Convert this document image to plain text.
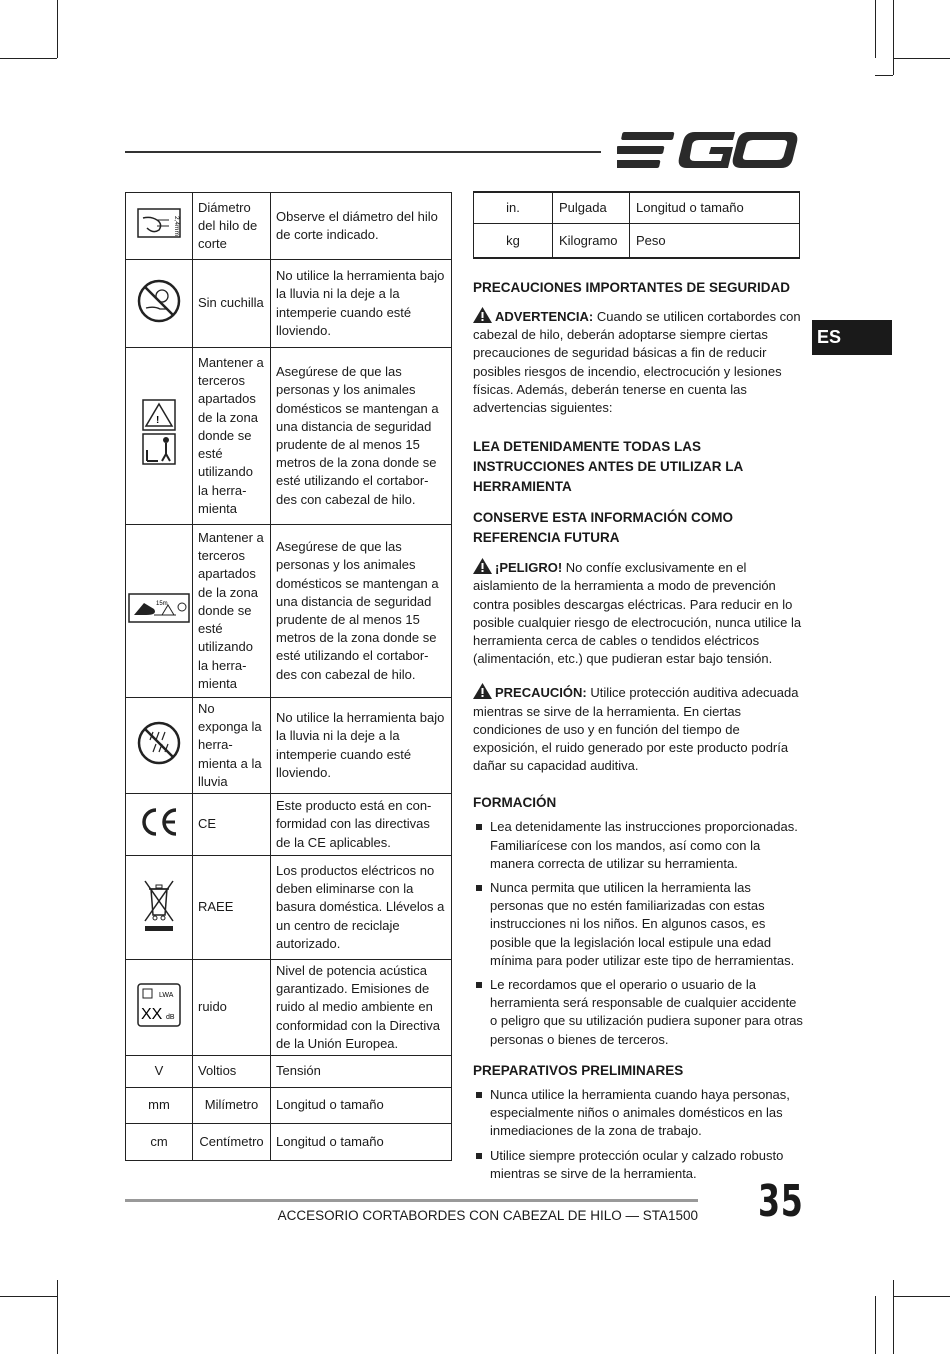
2,4mm	Diámetro del hilo de corte	Observe el diámetro del hilo de corte indicado.
	Sin cuchilla	No utilice la herramienta bajo la lluvia ni la deje a la intemperie cuando esté lloviendo.

!	Mantener a terceros apartados de la zona donde se esté utilizando la herra- mienta	Asegúrese de que las personas y los animales domésticos se mantengan a una distancia de seguridad prudente de al menos 15 metros de la zona donde se esté utilizando el cortabor- des con cabezal de hilo.

15m	Mantener a terceros apartados de la zona donde se esté utilizando la herra- mienta	Asegúrese de que las personas y los animales domésticos se mantengan a una distancia de seguridad prudente de al menos 15 metros de la zona donde se esté utilizando el cortabor- des con cabezal de hilo.
	No exponga la herra- mienta a la lluvia	No utilice la herramienta bajo la lluvia ni la deje a la intemperie cuando esté lloviendo.
	CE	Este producto está en con- formidad con las directivas de la CE aplicables.
	RAEE	Los productos eléctricos no deben eliminarse con la basura doméstica. Llévelos a un centro de reciclaje autorizado.

LWA
XX dB	ruido	Nivel de potencia acústica garantizado. Emisiones de ruido al medio ambiente en conformidad con la Directiva de la Unión Europea.
V	Voltios	Tensión
mm	Milímetro	Longitud o tamaño
cm	Centímetro	Longitud o tamaño
in.	Pulgada	Longitud o tamaño
kg	Kilogramo	Peso
ES
PRECAUCIONES IMPORTANTES DE SEGURIDAD

ADVERTENCIA: Cuando se utilicen cortabordes con cabezal de hilo, deberán adoptarse siempre ciertas precauciones de seguridad básicas a fin de reducir posibles riesgos de incendio, electrocución y lesiones físicas. Además, deberán tenerse en cuenta las advertencias siguientes:

LEA DETENIDAMENTE TODAS LAS INSTRUCCIONES ANTES DE UTILIZAR LA HERRAMIENTA
CONSERVE ESTA INFORMACIÓN COMO REFERENCIA FUTURA

¡PELIGRO! No confíe exclusivamente en el aislamiento de la herramienta a modo de prevención contra posibles descargas eléctricas. Para reducir en lo posible cualquier riesgo de electrocución, nunca utilice la herramienta cerca de cables o tendidos eléctricos (alimentación, etc.) que pudieran estar bajo tensión.

PRECAUCIÓN: Utilice protección auditiva adecuada mientras se sirve de la herramienta. En ciertas condiciones de uso y en función del tiempo de exposición, el ruido generado por este producto podría dañar su capacidad auditiva.

FORMACIÓN
Lea detenidamente las instrucciones proporcionadas. Familiarícese con los mandos, así como con la manera correcta de utilizar su herramienta.
Nunca permita que utilicen la herramienta las personas que no estén familiarizadas con estas instrucciones ni los niños. En algunos casos, es posible que la legislación local estipule una edad mínima para poder utilizar este tipo de herramientas.
Le recordamos que el operario o usuario de la herramienta será responsable de cualquier accidente o peligro que su utilización pudiera suponer para otras personas o bienes de terceros.
PREPARATIVOS PRELIMINARES
Nunca utilice la herramienta cuando haya personas, especialmente niños o animales domésticos en las inmediaciones de la zona de trabajo.
Utilice siempre protección ocular y calzado robusto mientras se sirve de la herramienta.
ACCESORIO CORTABORDES CON CABEZAL DE HILO — STA1500 35
